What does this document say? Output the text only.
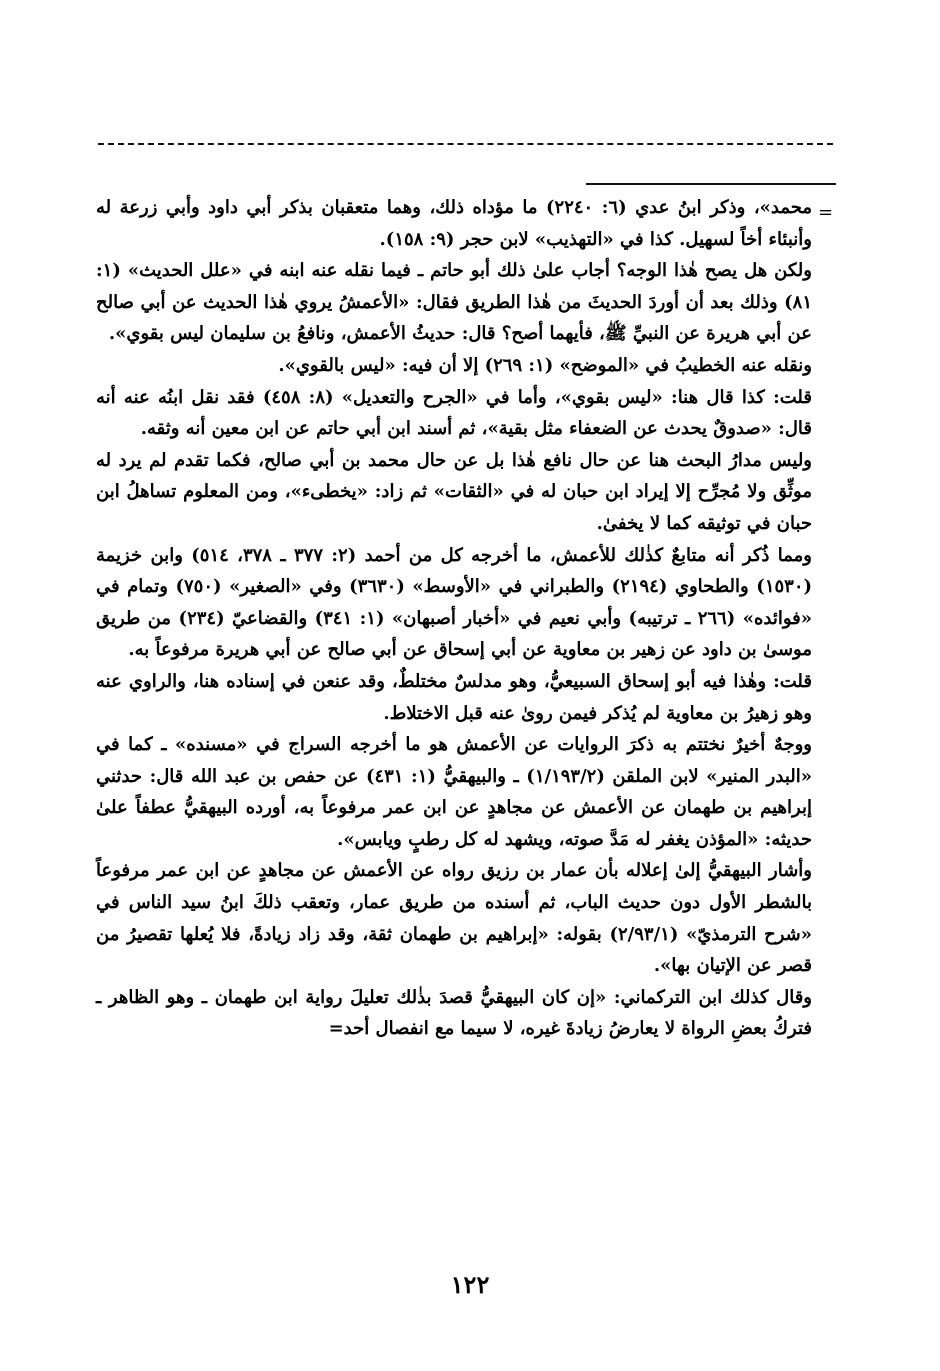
=

محمد»، وذكر ابنُ عدي (٦: ٢٢٤٠) ما مؤداه ذلك، وهما متعقبان بذكر أبي داود وأبي زرعة له وأنبئاء أخاً لسهيل. كذا في «التهذيب» لابن حجر (٩: ١٥٨).

ولكن هل يصح هٰذا الوجه؟ أجاب علىٰ ذلك أبو حاتم ـ فيما نقله عنه ابنه في «علل الحديث» (١: ٨١) وذلك بعد أن أوردَ الحديثَ من هٰذا الطريق فقال: «الأعمشُ يروي هٰذا الحديث عن أبي صالح عن أبي هريرة عن النبيِّ ﷺ، فأيهما أصح؟ قال: حديثُ الأعمش، ونافعُ بن سليمان ليس بقوي».

ونقله عنه الخطيبُ في «الموضح» (١: ٢٦٩) إلا أن فيه: «ليس بالقوي».

قلت: كذا قال هنا: «ليس بقوي»، وأما في «الجرح والتعديل» (٨: ٤٥٨) فقد نقل ابنُه عنه أنه قال: «صدوقٌ يحدث عن الضعفاء مثل بقية»، ثم أسند ابن أبي حاتم عن ابن معين أنه وثقه.

وليس مدارُ البحث هنا عن حال نافع هٰذا بل عن حال محمد بن أبي صالح، فكما تقدم لم يرد له موثِّق ولا مُجرِّح إلا إيراد ابن حبان له في «الثقات» ثم زاد: «يخطىء»، ومن المعلوم تساهلُ ابن حبان في توثيقه كما لا يخفىٰ.

ومما ذُكر أنه متابعٌ كذٰلك للأعمش، ما أخرجه كل من أحمد (٢: ٣٧٧ ـ ٣٧٨، ٥١٤) وابن خزيمة (١٥٣٠) والطحاوي (٢١٩٤) والطبراني في «الأوسط» (٣٦٣٠) وفي «الصغير» (٧٥٠) وتمام في «فوائده» (٢٦٦ ـ ترتيبه) وأبي نعيم في «أخبار أصبهان» (١: ٣٤١) والقضاعيّ (٢٣٤) من طريق موسىٰ بن داود عن زهير بن معاوية عن أبي إسحاق عن أبي صالح عن أبي هريرة مرفوعاً به.

قلت: وهٰذا فيه أبو إسحاق السبيعيُّ، وهو مدلسٌ مختلطٌ، وقد عنعن في إسناده هنا، والراوي عنه وهو زهيرُ بن معاوية لم يُذكر فيمن روىٰ عنه قبل الاختلاط.

ووجهٌ أخيرٌ نختتم به ذكرَ الروايات عن الأعمش هو ما أخرجه السراج في «مسنده» ـ كما في «البدر المنير» لابن الملقن (١/١٩٣/٢) ـ والبيهقيُّ (١: ٤٣١) عن حفص بن عبد الله قال: حدثني إبراهيم بن طهمان عن الأعمش عن مجاهدٍ عن ابن عمر مرفوعاً به، أورده البيهقيُّ عطفاً علىٰ حديثه: «المؤذن يغفر له مَدَّ صوته، ويشهد له كل رطبٍ ويابس».

وأشار البيهقيُّ إلىٰ إعلاله بأن عمار بن رزيق رواه عن الأعمش عن مجاهدٍ عن ابن عمر مرفوعاً بالشطر الأول دون حديث الباب، ثم أسنده من طريق عمار، وتعقب ذلكَ ابنُ سيد الناس في «شرح الترمذيّ» (٢/٩٣/١) بقوله: «إبراهيم بن طهمان ثقة، وقد زاد زيادةً، فلا يُعلها تقصيرُ من قصر عن الإتيان بها».

وقال كذلك ابن التركماني: «إن كان البيهقيُّ قصدَ بذٰلك تعليلَ رواية ابن طهمان ـ وهو الظاهر ـ فتركُ بعضِ الرواة لا يعارضُ زيادةَ غيره، لا سيما مع انفصال أحد=

١٢٢
